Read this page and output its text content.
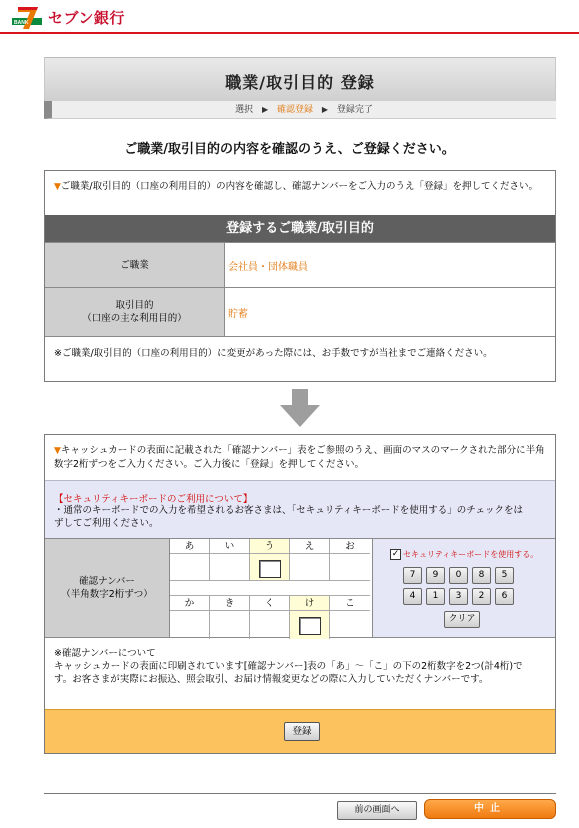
BANK セブン銀行
職業/取引目的 登録
選択 ▶ 確認登録 ▶ 登録完了
ご職業/取引目的の内容を確認のうえ、ご登録ください。
▼ご職業/取引目的（口座の利用目的）の内容を確認し、確認ナンバーをご入力のうえ「登録」を押してください。
登録するご職業/取引目的
ご職業	会社員・団体職員
取引目的
（口座の主な利用目的）	貯蓄
※ご職業/取引目的（口座の利用目的）に変更があった際には、お手数ですが当社までご連絡ください。
▼キャッシュカードの表面に記載された「確認ナンバー」表をご参照のうえ、画面のマスのマークされた部分に半角数字2桁ずつをご入力ください。ご入力後に「登録」を押してください。
【セキュリティキーボードのご利用について】
・通常のキーボードでの入力を希望されるお客さまは、「セキュリティキーボードを使用する」のチェックをはずしてご利用ください。
確認ナンバー
（半角数字2桁ずつ）
あ	い	う	え	お
か	き	く	け	こ
✓ セキュリティキーボードを使用する。
7	9	0	8	5
4	1	3	2	6
クリア
※確認ナンバーについて
キャッシュカードの表面に印刷されています[確認ナンバー]表の「あ」～「こ」の下の2桁数字を2つ(計4桁)です。お客さまが実際にお振込、照会取引、お届け情報変更などの際に入力していただくナンバーです。
登録
前の画面へ	中止
